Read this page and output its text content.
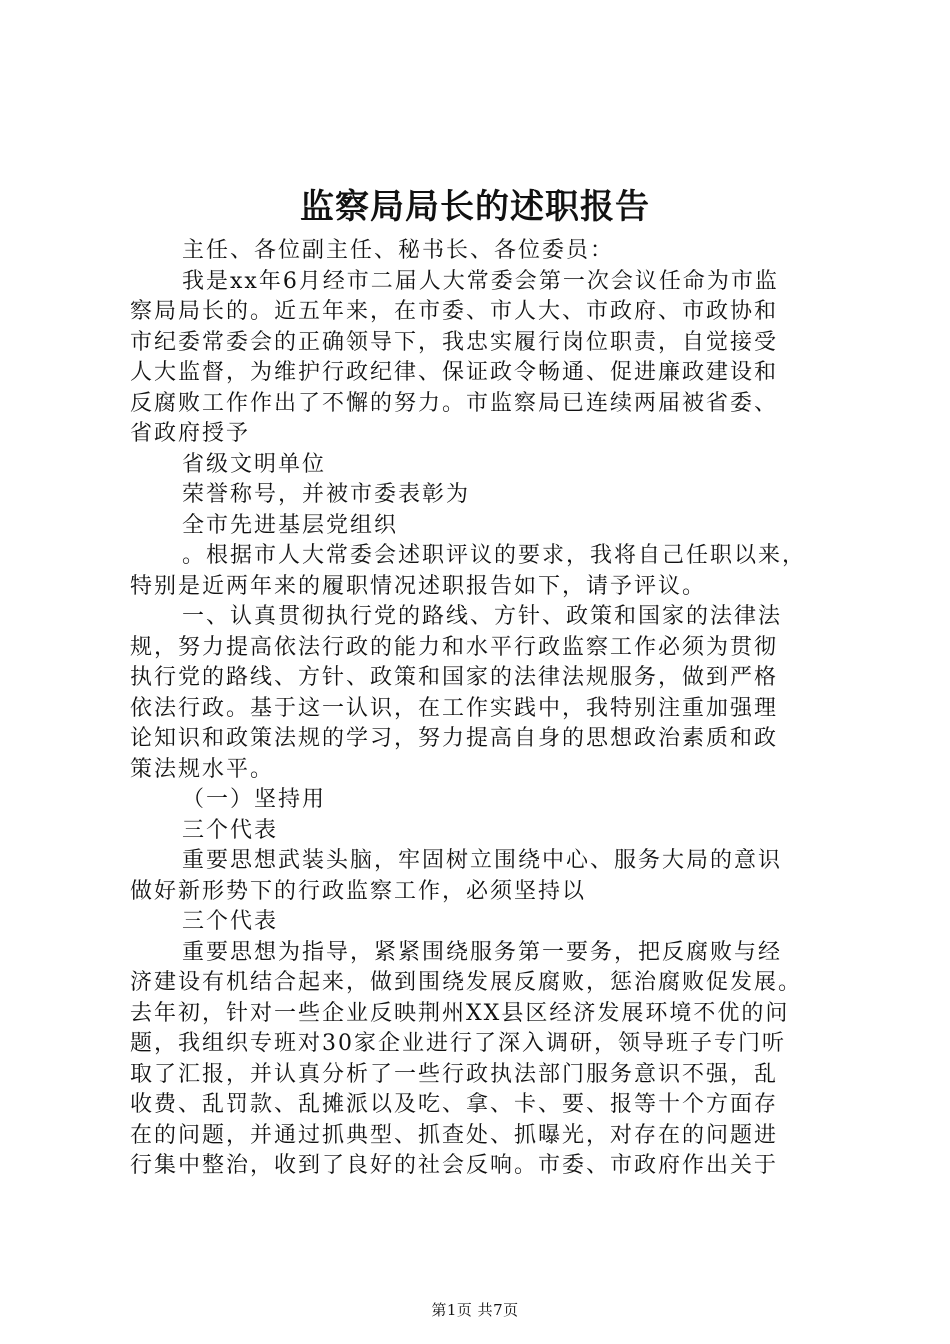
监察局局长的述职报告
主任、各位副主任、秘书长、各位委员：
我是xx年6月经市二届人大常委会第一次会议任命为市监
察局局长的。近五年来，在市委、市人大、市政府、市政协和
市纪委常委会的正确领导下，我忠实履行岗位职责，自觉接受
人大监督，为维护行政纪律、保证政令畅通、促进廉政建设和
反腐败工作作出了不懈的努力。市监察局已连续两届被省委、
省政府授予
省级文明单位
荣誉称号，并被市委表彰为
全市先进基层党组织
。根据市人大常委会述职评议的要求，我将自己任职以来，
特别是近两年来的履职情况述职报告如下，请予评议。
一、认真贯彻执行党的路线、方针、政策和国家的法律法
规，努力提高依法行政的能力和水平行政监察工作必须为贯彻
执行党的路线、方针、政策和国家的法律法规服务，做到严格
依法行政。基于这一认识，在工作实践中，我特别注重加强理
论知识和政策法规的学习，努力提高自身的思想政治素质和政
策法规水平。
（一）坚持用
三个代表
重要思想武装头脑，牢固树立围绕中心、服务大局的意识
做好新形势下的行政监察工作，必须坚持以
三个代表
重要思想为指导，紧紧围绕服务第一要务，把反腐败与经
济建设有机结合起来，做到围绕发展反腐败，惩治腐败促发展。
去年初，针对一些企业反映荆州XX县区经济发展环境不优的问
题，我组织专班对30家企业进行了深入调研，领导班子专门听
取了汇报，并认真分析了一些行政执法部门服务意识不强，乱
收费、乱罚款、乱摊派以及吃、拿、卡、要、报等十个方面存
在的问题，并通过抓典型、抓查处、抓曝光，对存在的问题进
行集中整治，收到了良好的社会反响。市委、市政府作出关于
第1页 共7页
